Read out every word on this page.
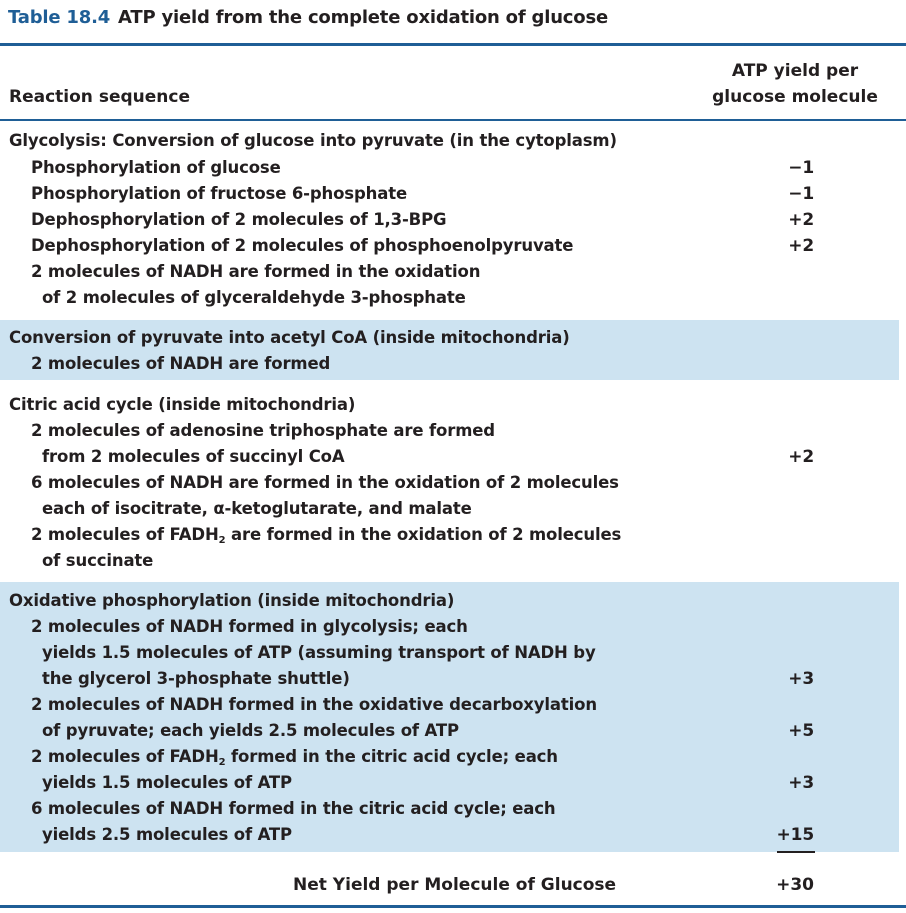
Table 18.4 ATP yield from the complete oxidation of glucose
Reaction sequence
ATP yield per
glucose molecule
Glycolysis: Conversion of glucose into pyruvate (in the cytoplasm)
Phosphorylation of glucose	−1
Phosphorylation of fructose 6-phosphate	−1
Dephosphorylation of 2 molecules of 1,3-BPG	+2
Dephosphorylation of 2 molecules of phosphoenolpyruvate	+2
2 molecules of NADH are formed in the oxidation
of 2 molecules of glyceraldehyde 3-phosphate
Conversion of pyruvate into acetyl CoA (inside mitochondria)
2 molecules of NADH are formed
Citric acid cycle (inside mitochondria)
2 molecules of adenosine triphosphate are formed
from 2 molecules of succinyl CoA	+2
6 molecules of NADH are formed in the oxidation of 2 molecules
each of isocitrate, α-ketoglutarate, and malate
2 molecules of $FADH_2$ are formed in the oxidation of 2 molecules
of succinate
Oxidative phosphorylation (inside mitochondria)
2 molecules of NADH formed in glycolysis; each
yields 1.5 molecules of ATP (assuming transport of NADH by
the glycerol 3-phosphate shuttle)	+3
2 molecules of NADH formed in the oxidative decarboxylation
of pyruvate; each yields 2.5 molecules of ATP	+5
2 molecules of $FADH_2$ formed in the citric acid cycle; each
yields 1.5 molecules of ATP	+3
6 molecules of NADH formed in the citric acid cycle; each
yields 2.5 molecules of ATP	+15
Net Yield per Molecule of Glucose	+30
